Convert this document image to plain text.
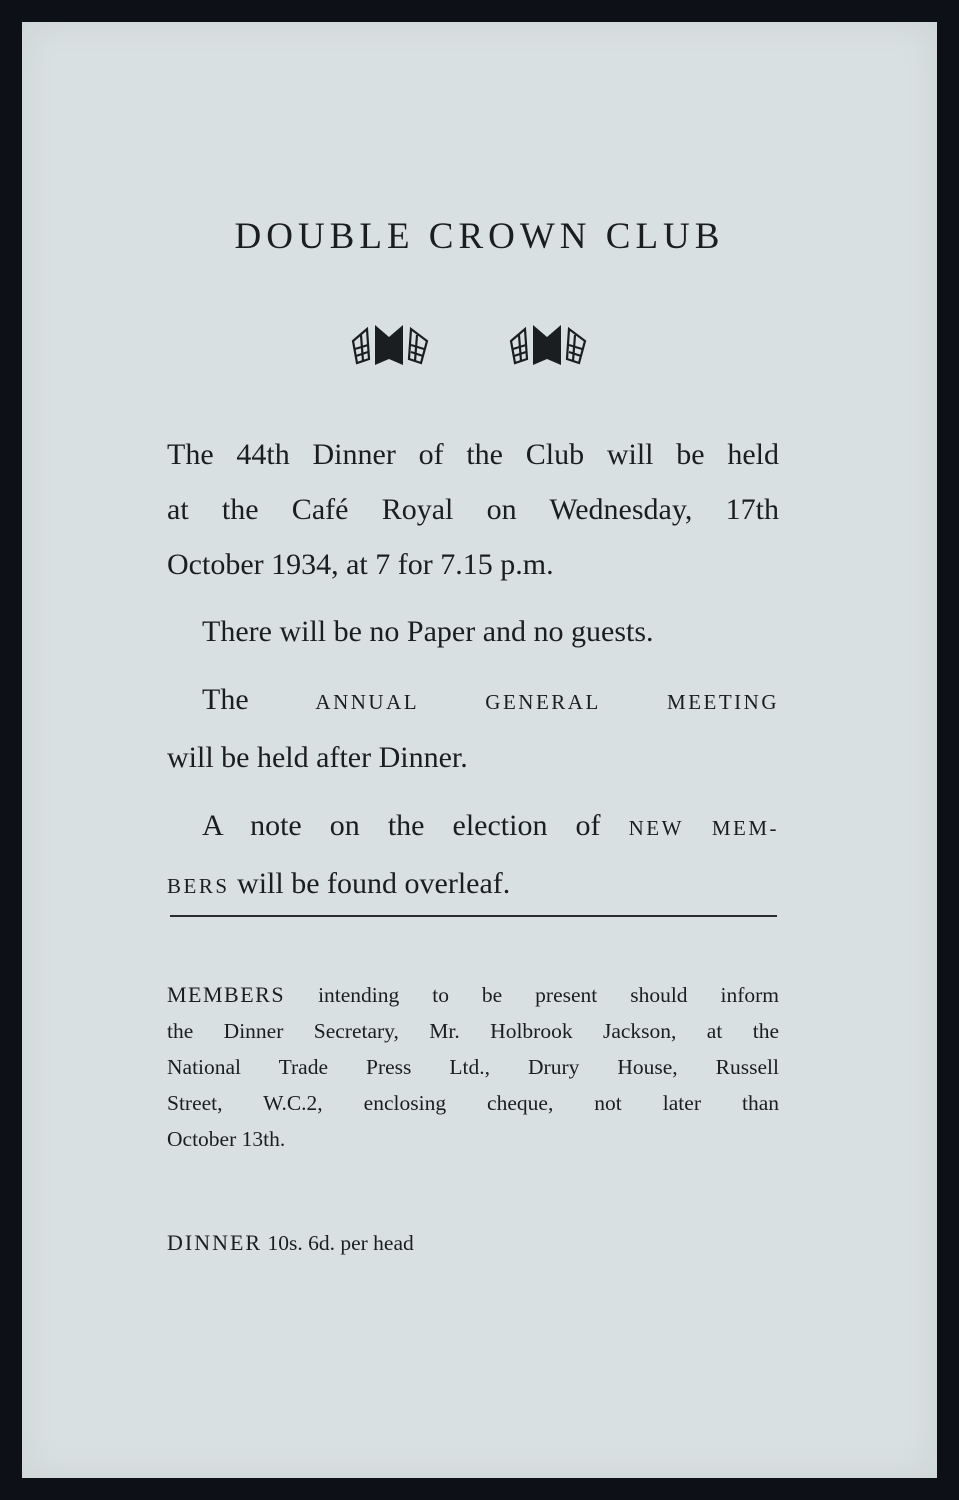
DOUBLE CROWN CLUB
The 44th Dinner of the Club will be held
at the Café Royal on Wednesday, 17th
October 1934, at 7 for 7.15 p.m.
There will be no Paper and no guests.
The	ANNUAL GENERAL MEETING
will be held after Dinner.
A note on the election of NEW MEM-
BERS will be found overleaf.
MEMBERS intending to be present should inform
the Dinner Secretary, Mr. Holbrook Jackson, at the
National Trade Press Ltd., Drury House, Russell
Street, W.C.2, enclosing cheque, not later than
October 13th.
DINNER 10s. 6d. per head
